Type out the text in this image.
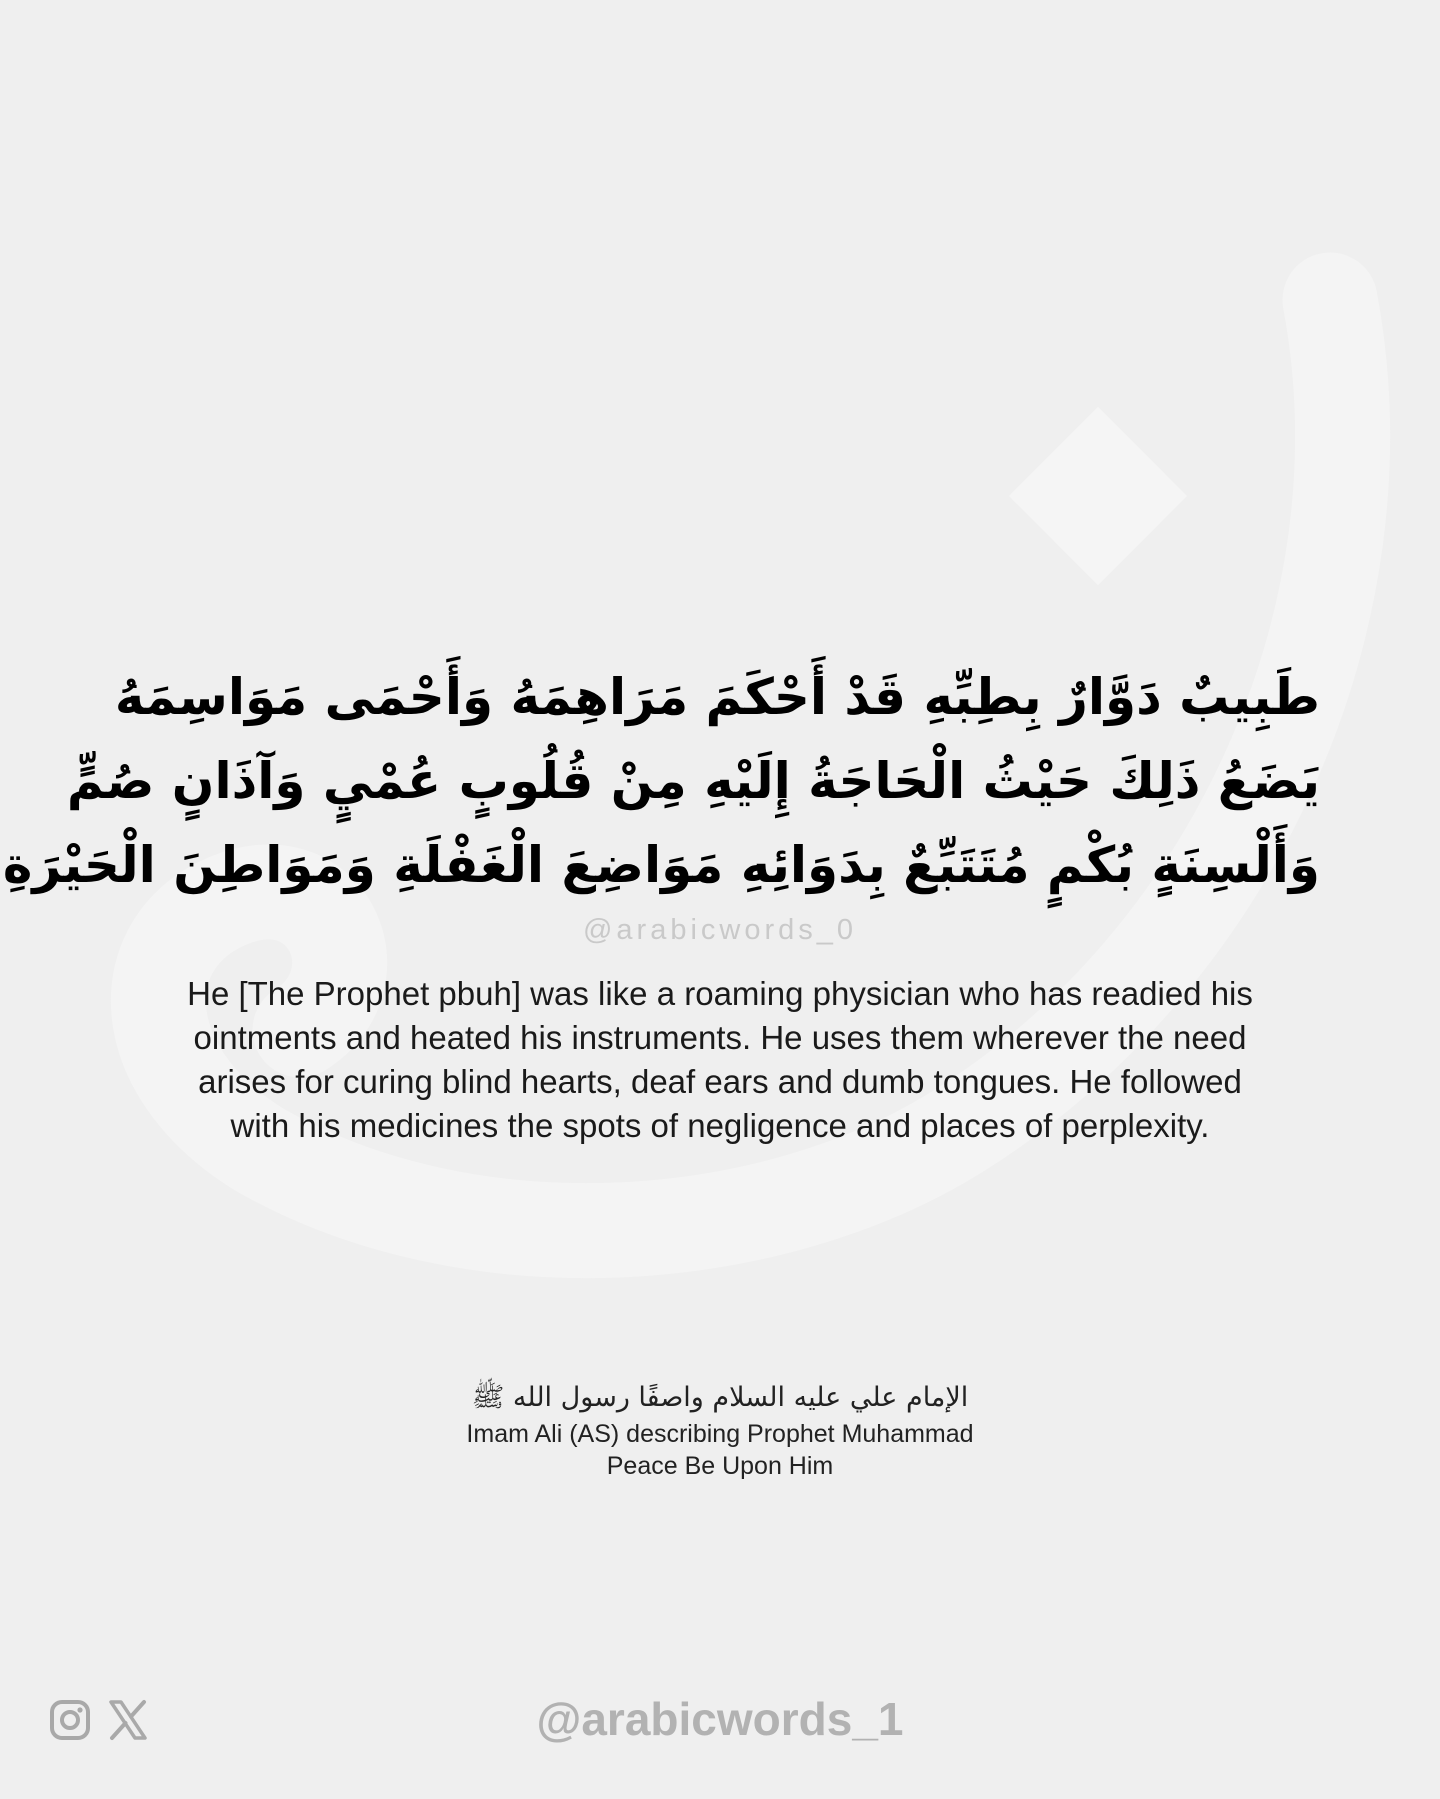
طَبِيبٌ دَوَّارٌ بِطِبِّهِ قَدْ أَحْكَمَ مَرَاهِمَهُ وَأَحْمَى مَوَاسِمَهُ
يَضَعُ ذَلِكَ حَيْثُ الْحَاجَةُ إِلَيْهِ مِنْ قُلُوبٍ عُمْيٍ وَآذَانٍ صُمٍّ
وَأَلْسِنَةٍ بُكْمٍ مُتَتَبِّعٌ بِدَوَائِهِ مَوَاضِعَ الْغَفْلَةِ وَمَوَاطِنَ الْحَيْرَةِ
@arabicwords_0
He [The Prophet pbuh] was like a roaming physician who has readied his
ointments and heated his instruments. He uses them wherever the need
arises for curing blind hearts, deaf ears and dumb tongues. He followed
with his medicines the spots of negligence and places of perplexity.
الإمام علي عليه السلام واصفًا رسول الله ﷺ
Imam Ali (AS) describing Prophet Muhammad
Peace Be Upon Him
@arabicwords_1
